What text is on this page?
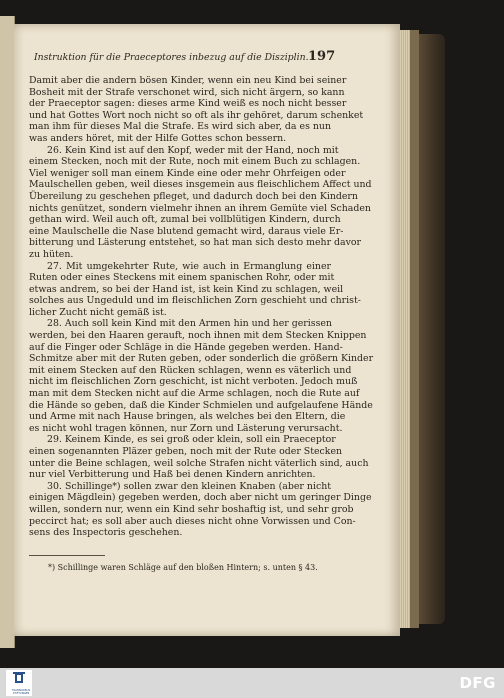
Instruktion für die Praeceptores inbezug auf die Disziplin. 197
Damit aber die andern bösen Kinder, wenn ein neu Kind bei seiner
Bosheit mit der Strafe verschonet wird, sich nicht ärgern, so kann
der Praeceptor sagen: dieses arme Kind weiß es noch nicht besser
und hat Gottes Wort noch nicht so oft als ihr gehöret, darum schenket
man ihm für dieses Mal die Strafe. Es wird sich aber, da es nun
was anders höret, mit der Hilfe Gottes schon bessern.
26. Kein Kind ist auf den Kopf, weder mit der Hand, noch mit
einem Stecken, noch mit der Rute, noch mit einem Buch zu schlagen.
Viel weniger soll man einem Kinde eine oder mehr Ohrfeigen oder
Maulschellen geben, weil dieses insgemein aus fleischlichem Affect und
Übereilung zu geschehen pfleget, und dadurch doch bei den Kindern
nichts genützet, sondern vielmehr ihnen an ihrem Gemüte viel Schaden
gethan wird. Weil auch oft, zumal bei vollblütigen Kindern, durch
eine Maulschelle die Nase blutend gemacht wird, daraus viele Er-
bitterung und Lästerung entstehet, so hat man sich desto mehr davor
zu hüten.
27. Mit umgekehrter Rute, wie auch in Ermanglung einer
Ruten oder eines Steckens mit einem spanischen Rohr, oder mit
etwas andrem, so bei der Hand ist, ist kein Kind zu schlagen, weil
solches aus Ungeduld und im fleischlichen Zorn geschieht und christ-
licher Zucht nicht gemäß ist.
28. Auch soll kein Kind mit den Armen hin und her gerissen
werden, bei den Haaren gerauft, noch ihnen mit dem Stecken Knippen
auf die Finger oder Schläge in die Hände gegeben werden. Hand-
Schmitze aber mit der Ruten geben, oder sonderlich die größern Kinder
mit einem Stecken auf den Rücken schlagen, wenn es väterlich und
nicht im fleischlichen Zorn geschicht, ist nicht verboten. Jedoch muß
man mit dem Stecken nicht auf die Arme schlagen, noch die Rute auf
die Hände so geben, daß die Kinder Schmielen und aufgelaufene Hände
und Arme mit nach Hause bringen, als welches bei den Eltern, die
es nicht wohl tragen können, nur Zorn und Lästerung verursacht.
29. Keinem Kinde, es sei groß oder klein, soll ein Praeceptor
einen sogenannten Pläzer geben, noch mit der Rute oder Stecken
unter die Beine schlagen, weil solche Strafen nicht väterlich sind, auch
nur viel Verbitterung und Haß bei denen Kindern anrichten.
30. Schillinge*) sollen zwar den kleinen Knaben (aber nicht
einigen Mägdlein) gegeben werden, doch aber nicht um geringer Dinge
willen, sondern nur, wenn ein Kind sehr boshaftig ist, und sehr grob
peccirct hat; es soll aber auch dieses nicht ohne Vorwissen und Con-
sens des Inspectoris geschehen.
*) Schillinge waren Schläge auf den bloßen Hintern; s. unten § 43.
TRANSKRIBUS STIFTUNGEN
DFG
